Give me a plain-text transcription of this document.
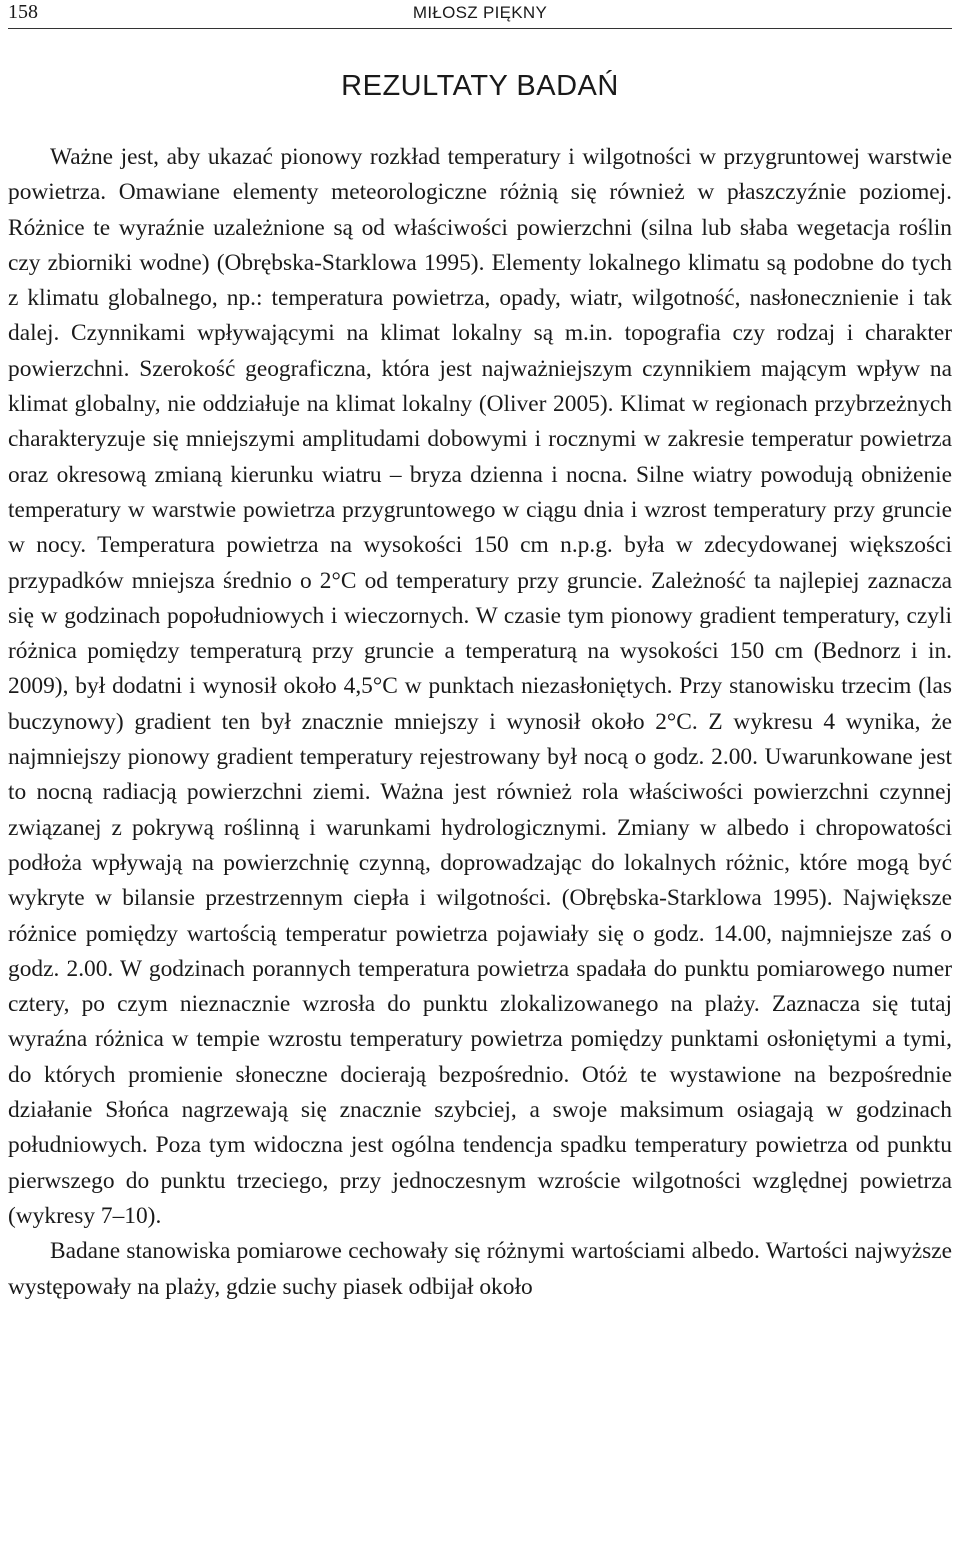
158	MIŁOSZ PIĘKNY
REZULTATY BADAŃ

Ważne jest, aby ukazać pionowy rozkład temperatury i wilgotności w przygruntowej warstwie powietrza. Omawiane elementy meteorologiczne różnią się również w płaszczyźnie poziomej. Różnice te wyraźnie uzależnione są od właściwości powierzchni (silna lub słaba wegetacja roślin czy zbiorniki wodne) (Obrębska-Starklowa 1995). Elementy lokalnego klimatu są podobne do tych z klimatu globalnego, np.: temperatura powietrza, opady, wiatr, wilgotność, nasłonecznienie i tak dalej. Czynnikami wpływającymi na klimat lokalny są m.in. topografia czy rodzaj i charakter powierzchni. Szerokość geograficzna, która jest najważniejszym czynnikiem mającym wpływ na klimat globalny, nie oddziałuje na klimat lokalny (Oliver 2005). Klimat w regionach przybrzeżnych charakteryzuje się mniejszymi amplitudami dobowymi i rocznymi w zakresie temperatur powietrza oraz okresową zmianą kierunku wiatru – bryza dzienna i nocna. Silne wiatry powodują obniżenie temperatury w warstwie powietrza przygruntowego w ciągu dnia i wzrost temperatury przy gruncie w nocy. Temperatura powietrza na wysokości 150 cm n.p.g. była w zdecydowanej większości przypadków mniejsza średnio o 2°C od temperatury przy gruncie. Zależność ta najlepiej zaznacza się w godzinach popołudniowych i wieczornych. W czasie tym pionowy gradient temperatury, czyli różnica pomiędzy temperaturą przy gruncie a temperaturą na wysokości 150 cm (Bednorz i in. 2009), był dodatni i wynosił około 4,5°C w punktach niezasłoniętych. Przy stanowisku trzecim (las buczynowy) gradient ten był znacznie mniejszy i wynosił około 2°C. Z wykresu 4 wynika, że najmniejszy pionowy gradient temperatury rejestrowany był nocą o godz. 2.00. Uwarunkowane jest to nocną radiacją powierzchni ziemi. Ważna jest również rola właściwości powierzchni czynnej związanej z pokrywą roślinną i warunkami hydrologicznymi. Zmiany w albedo i chropowatości podłoża wpływają na powierzchnię czynną, doprowadzając do lokalnych różnic, które mogą być wykryte w bilansie przestrzennym ciepła i wilgotności. (Obrębska-Starklowa 1995). Największe różnice pomiędzy wartością temperatur powietrza pojawiały się o godz. 14.00, najmniejsze zaś o godz. 2.00. W godzinach porannych temperatura powietrza spadała do punktu pomiarowego numer cztery, po czym nieznacznie wzrosła do punktu zlokalizowanego na plaży. Zaznacza się tutaj wyraźna różnica w tempie wzrostu temperatury powietrza pomiędzy punktami osłoniętymi a tymi, do których promienie słoneczne docierają bezpośrednio. Otóż te wystawione na bezpośrednie działanie Słońca nagrzewają się znacznie szybciej, a swoje maksimum osiagają w godzinach południowych. Poza tym widoczna jest ogólna tendencja spadku temperatury powietrza od punktu pierwszego do punktu trzeciego, przy jednoczesnym wzroście wilgotności względnej powietrza (wykresy 7–10).

Badane stanowiska pomiarowe cechowały się różnymi wartościami albedo. Wartości najwyższe występowały na plaży, gdzie suchy piasek odbijał około
